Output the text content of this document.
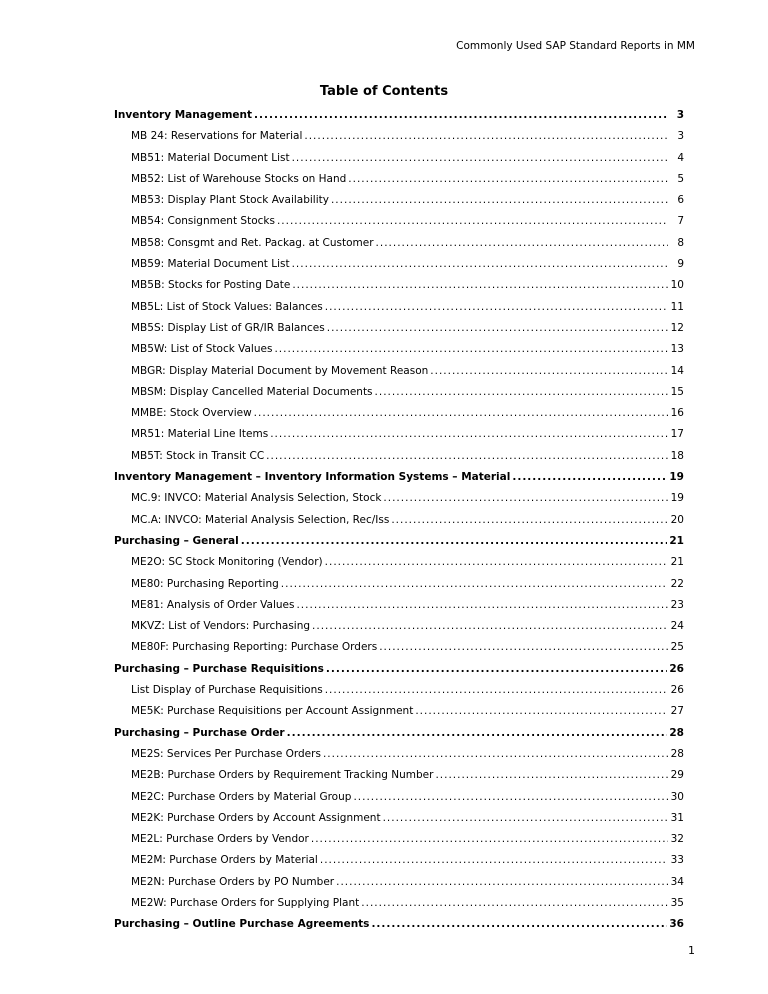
Commonly Used SAP Standard Reports in MM
Table of Contents
Inventory Management .....	3
MB 24: Reservations for Material .....	3
MB51: Material Document List .....	4
MB52: List of Warehouse Stocks on Hand .....	5
MB53: Display Plant Stock Availability .....	6
MB54: Consignment Stocks .....	7
MB58: Consgmt and Ret. Packag. at Customer .....	8
MB59: Material Document List .....	9
MB5B: Stocks for Posting Date .....	10
MB5L: List of Stock Values: Balances .....	11
MB5S: Display List of GR/IR Balances .....	12
MB5W: List of Stock Values .....	13
MBGR: Display Material Document by Movement Reason .....	14
MBSM: Display Cancelled Material Documents .....	15
MMBE: Stock Overview .....	16
MR51: Material Line Items .....	17
MB5T: Stock in Transit CC .....	18
Inventory Management – Inventory Information Systems – Material .....	19
MC.9: INVCO: Material Analysis Selection, Stock .....	19
MC.A: INVCO: Material Analysis Selection, Rec/Iss .....	20
Purchasing – General .....	21
ME2O: SC Stock Monitoring (Vendor) .....	21
ME80: Purchasing Reporting .....	22
ME81: Analysis of Order Values .....	23
MKVZ: List of Vendors: Purchasing .....	24
ME80F: Purchasing Reporting: Purchase Orders .....	25
Purchasing – Purchase Requisitions .....	26
List Display of Purchase Requisitions .....	26
ME5K: Purchase Requisitions per Account Assignment .....	27
Purchasing – Purchase Order .....	28
ME2S: Services Per Purchase Orders .....	28
ME2B: Purchase Orders by Requirement Tracking Number .....	29
ME2C: Purchase Orders by Material Group .....	30
ME2K: Purchase Orders by Account Assignment .....	31
ME2L: Purchase Orders by Vendor .....	32
ME2M: Purchase Orders by Material .....	33
ME2N: Purchase Orders by PO Number .....	34
ME2W: Purchase Orders for Supplying Plant .....	35
Purchasing – Outline Purchase Agreements .....	36
1
